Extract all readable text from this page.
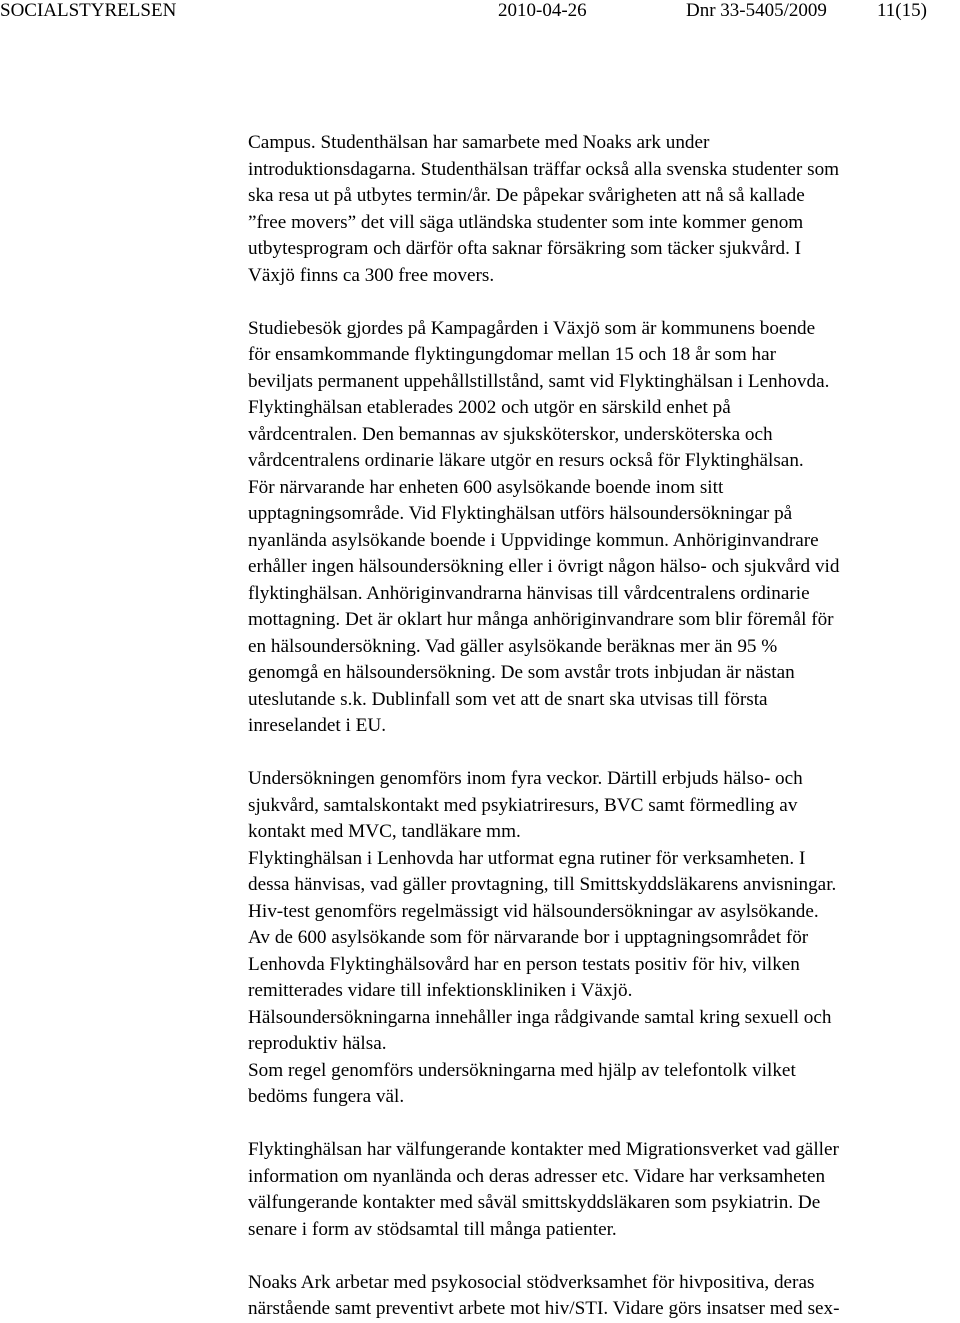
SOCIALSTYRELSEN	2010-04-26	Dnr 33-5405/2009	11(15)

Campus. Studenthälsan har samarbete med Noaks ark under
introduktionsdagarna. Studenthälsan träffar också alla svenska studenter som
ska resa ut på utbytes termin/år. De påpekar svårigheten att nå så kallade
”free movers” det vill säga utländska studenter som inte kommer genom
utbytesprogram och därför ofta saknar försäkring som täcker sjukvård. I
Växjö finns ca 300 free movers.

Studiebesök gjordes på Kampagården i Växjö som är kommunens boende
för ensamkommande flyktingungdomar mellan 15 och 18 år som har
beviljats permanent uppehållstillstånd, samt vid Flyktinghälsan i Lenhovda.
Flyktinghälsan etablerades 2002 och utgör en särskild enhet på
vårdcentralen. Den bemannas av sjuksköterskor, undersköterska och
vårdcentralens ordinarie läkare utgör en resurs också för Flyktinghälsan.
För närvarande har enheten 600 asylsökande boende inom sitt
upptagningsområde. Vid Flyktinghälsan utförs hälsoundersökningar på
nyanlända asylsökande boende i Uppvidinge kommun. Anhöriginvandrare
erhåller ingen hälsoundersökning eller i övrigt någon hälso- och sjukvård vid
flyktinghälsan. Anhöriginvandrarna hänvisas till vårdcentralens ordinarie
mottagning. Det är oklart hur många anhöriginvandrare som blir föremål för
en hälsoundersökning. Vad gäller asylsökande beräknas mer än 95 %
genomgå en hälsoundersökning. De som avstår trots inbjudan är nästan
uteslutande s.k. Dublinfall som vet att de snart ska utvisas till första
inreselandet i EU.

Undersökningen genomförs inom fyra veckor. Därtill erbjuds hälso- och
sjukvård, samtalskontakt med psykiatriresurs, BVC samt förmedling av
kontakt med MVC, tandläkare mm.
Flyktinghälsan i Lenhovda har utformat egna rutiner för verksamheten. I
dessa hänvisas, vad gäller provtagning, till Smittskyddsläkarens anvisningar.
Hiv-test genomförs regelmässigt vid hälsoundersökningar av asylsökande.
Av de 600 asylsökande som för närvarande bor i upptagningsområdet för
Lenhovda Flyktinghälsovård har en person testats positiv för hiv, vilken
remitterades vidare till infektionskliniken i Växjö.
Hälsoundersökningarna innehåller inga rådgivande samtal kring sexuell och
reproduktiv hälsa.
Som regel genomförs undersökningarna med hjälp av telefontolk vilket
bedöms fungera väl.

Flyktinghälsan har välfungerande kontakter med Migrationsverket vad gäller
information om nyanlända och deras adresser etc. Vidare har verksamheten
välfungerande kontakter med såväl smittskyddsläkaren som psykiatrin. De
senare i form av stödsamtal till många patienter.

Noaks Ark arbetar med psykosocial stödverksamhet för hivpositiva, deras
närstående samt preventivt arbete mot hiv/STI. Vidare görs insatser med sex-
